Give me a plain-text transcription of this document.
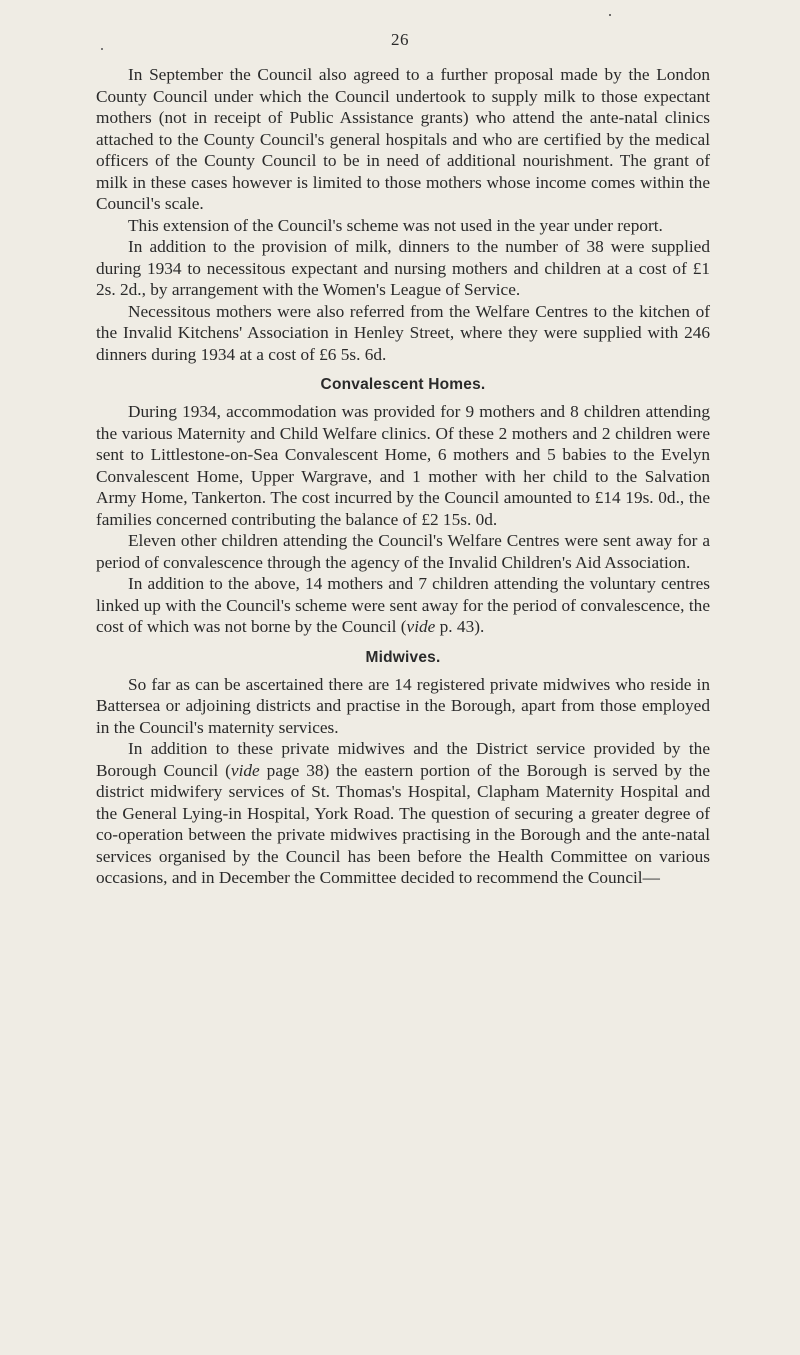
26

In September the Council also agreed to a further proposal made by the London County Council under which the Council undertook to supply milk to those expectant mothers (not in receipt of Public Assistance grants) who attend the ante-natal clinics attached to the County Council's general hospitals and who are certified by the medical officers of the County Council to be in need of additional nourishment. The grant of milk in these cases however is limited to those mothers whose income comes within the Council's scale.

This extension of the Council's scheme was not used in the year under report.

In addition to the provision of milk, dinners to the number of 38 were supplied during 1934 to necessitous expectant and nursing mothers and children at a cost of £1 2s. 2d., by arrangement with the Women's League of Service.

Necessitous mothers were also referred from the Welfare Centres to the kitchen of the Invalid Kitchens' Association in Henley Street, where they were supplied with 246 dinners during 1934 at a cost of £6 5s. 6d.

Convalescent Homes.

During 1934, accommodation was provided for 9 mothers and 8 children attending the various Maternity and Child Welfare clinics. Of these 2 mothers and 2 children were sent to Littlestone-on-Sea Convalescent Home, 6 mothers and 5 babies to the Evelyn Convalescent Home, Upper Wargrave, and 1 mother with her child to the Salvation Army Home, Tankerton. The cost incurred by the Council amounted to £14 19s. 0d., the families concerned contributing the balance of £2 15s. 0d.

Eleven other children attending the Council's Welfare Centres were sent away for a period of convalescence through the agency of the Invalid Children's Aid Association.

In addition to the above, 14 mothers and 7 children attending the voluntary centres linked up with the Council's scheme were sent away for the period of convalescence, the cost of which was not borne by the Council (vide p. 43).

Midwives.

So far as can be ascertained there are 14 registered private midwives who reside in Battersea or adjoining districts and practise in the Borough, apart from those employed in the Council's maternity services.

In addition to these private midwives and the District service provided by the Borough Council (vide page 38) the eastern portion of the Borough is served by the district midwifery services of St. Thomas's Hospital, Clapham Maternity Hospital and the General Lying-in Hospital, York Road. The question of securing a greater degree of co-operation between the private midwives practising in the Borough and the ante-natal services organised by the Council has been before the Health Committee on various occasions, and in December the Committee decided to recommend the Council—
